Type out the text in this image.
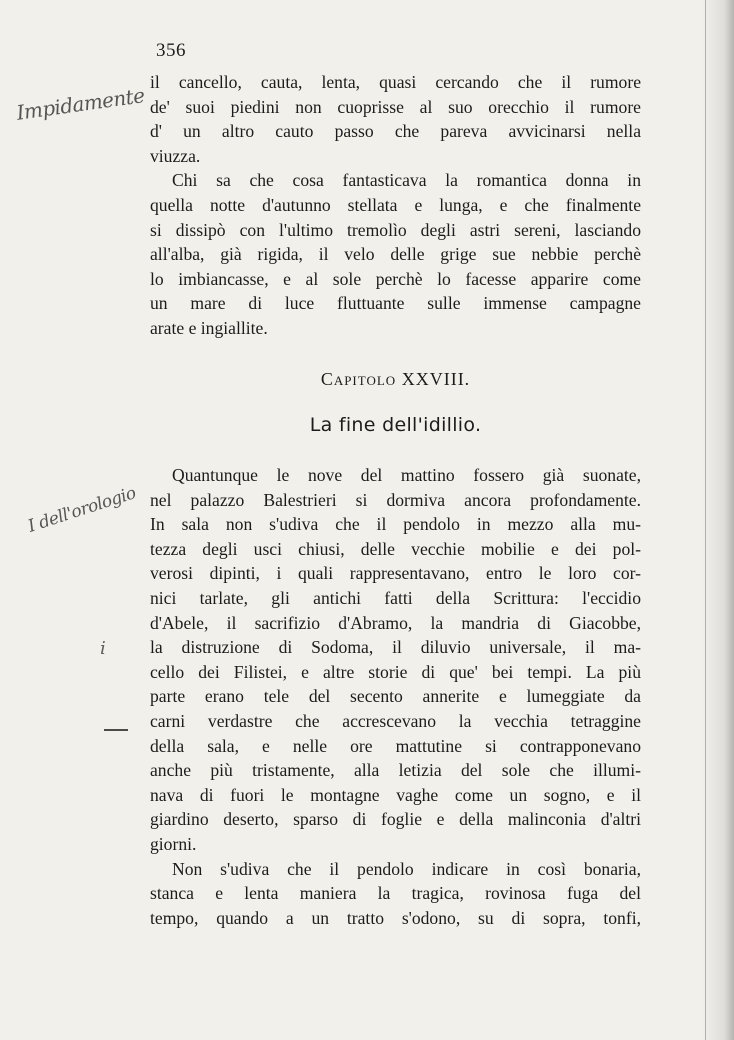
356
Impidamente
I dell'orologio
i
il cancello, cauta, lenta, quasi cercando che il rumore
de' suoi piedini non cuoprisse al suo orecchio il rumore
d' un altro cauto passo che pareva avvicinarsi nella
viuzza.
Chi sa che cosa fantasticava la romantica donna in
quella notte d'autunno stellata e lunga, e che finalmente
si dissipò con l'ultimo tremolìo degli astri sereni, lasciando
all'alba, già rigida, il velo delle grige sue nebbie perchè
lo imbiancasse, e al sole perchè lo facesse apparire come
un mare di luce fluttuante sulle immense campagne
arate e ingiallite.
Capitolo XXVIII.
La fine dell'idillio.
Quantunque le nove del mattino fossero già suonate,
nel palazzo Balestrieri si dormiva ancora profondamente.
In sala non s'udiva che il pendolo in mezzo alla mu-
tezza degli usci chiusi, delle vecchie mobilie e dei pol-
verosi dipinti, i quali rappresentavano, entro le loro cor-
nici tarlate, gli antichi fatti della Scrittura: l'eccidio
d'Abele, il sacrifizio d'Abramo, la mandria di Giacobbe,
la distruzione di Sodoma, il diluvio universale, il ma-
cello dei Filistei, e altre storie di que' bei tempi. La più
parte erano tele del secento annerite e lumeggiate da
carni verdastre che accrescevano la vecchia tetraggine
della sala, e nelle ore mattutine si contrapponevano
anche più tristamente, alla letizia del sole che illumi-
nava di fuori le montagne vaghe come un sogno, e il
giardino deserto, sparso di foglie e della malinconia d'altri
giorni.
Non s'udiva che il pendolo indicare in così bonaria,
stanca e lenta maniera la tragica, rovinosa fuga del
tempo, quando a un tratto s'odono, su di sopra, tonfi,
